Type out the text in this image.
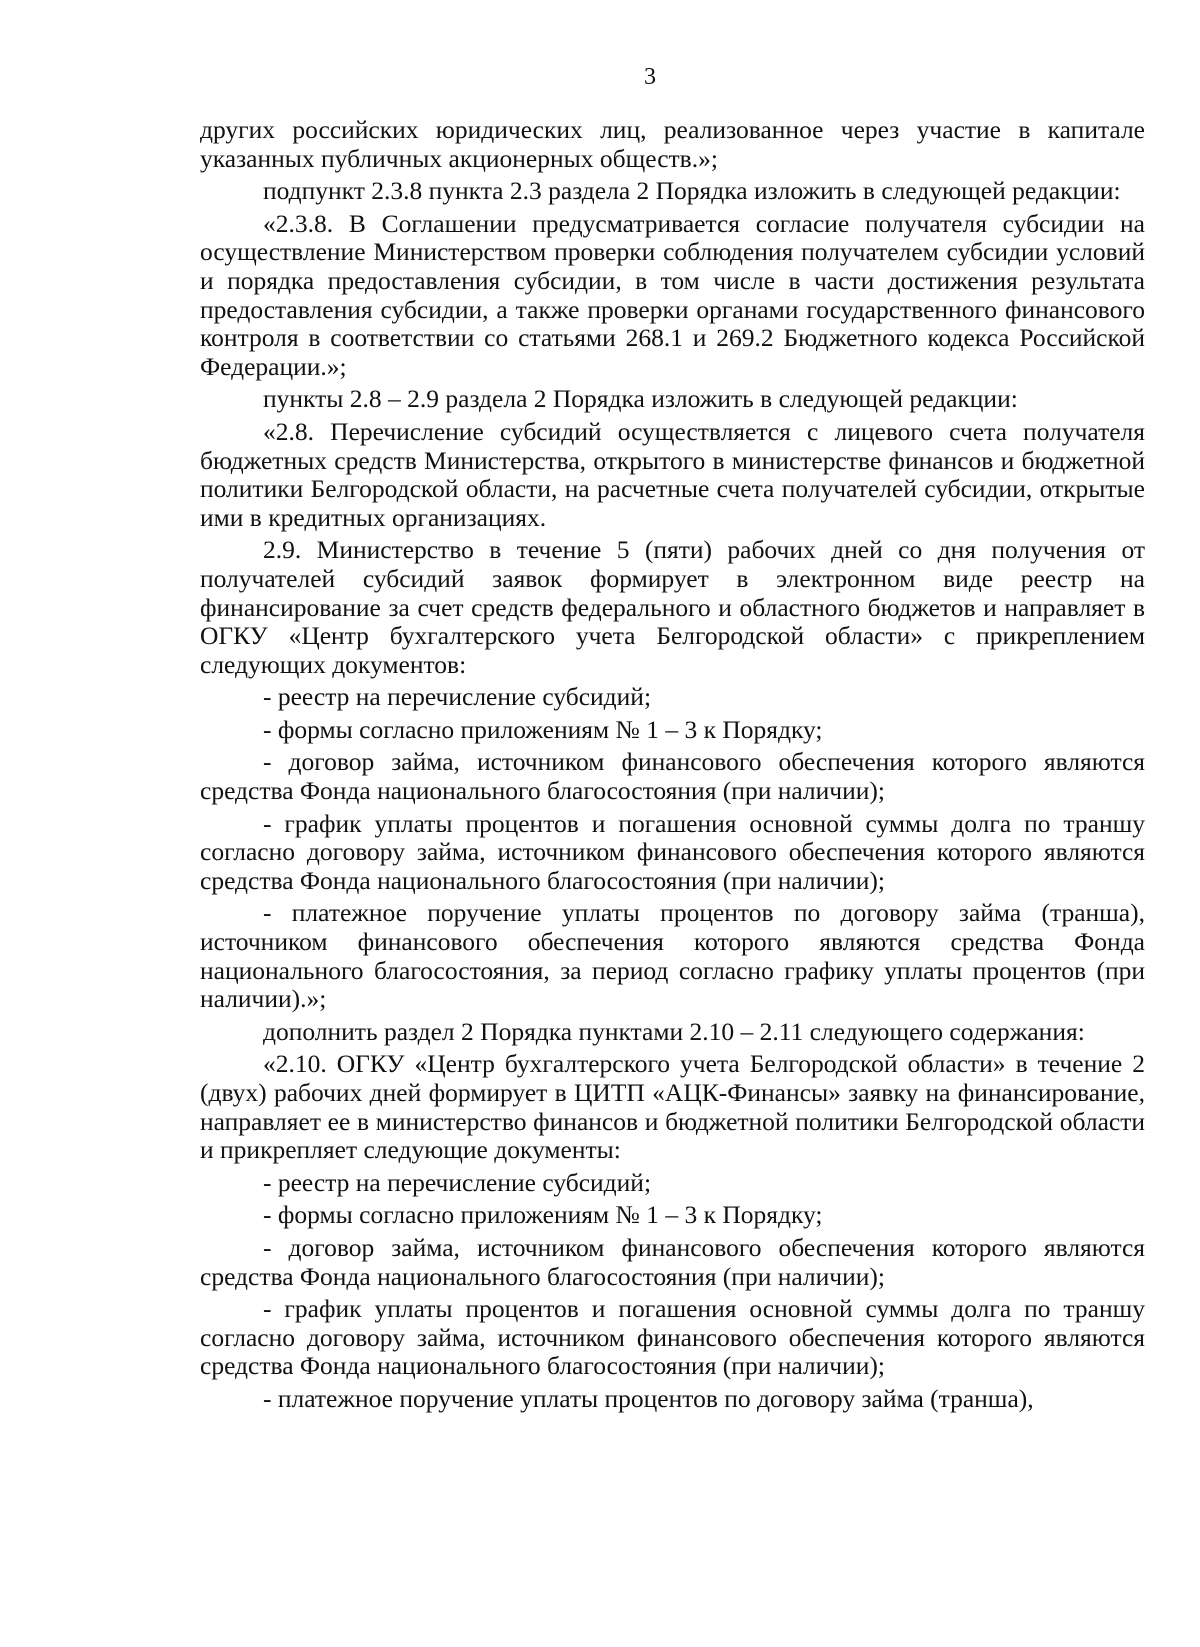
3

других российских юридических лиц, реализованное через участие в капитале указанных публичных акционерных обществ.»;

подпункт 2.3.8 пункта 2.3 раздела 2 Порядка изложить в следующей редакции:

«2.3.8. В Соглашении предусматривается согласие получателя субсидии на осуществление Министерством проверки соблюдения получателем субсидии условий и порядка предоставления субсидии, в том числе в части достижения результата предоставления субсидии, а также проверки органами государственного финансового контроля в соответствии со статьями 268.1 и 269.2 Бюджетного кодекса Российской Федерации.»;

пункты 2.8 – 2.9 раздела 2 Порядка изложить в следующей редакции:

«2.8. Перечисление субсидий осуществляется с лицевого счета получателя бюджетных средств Министерства, открытого в министерстве финансов и бюджетной политики Белгородской области, на расчетные счета получателей субсидии, открытые ими в кредитных организациях.

2.9. Министерство в течение 5 (пяти) рабочих дней со дня получения от получателей субсидий заявок формирует в электронном виде реестр на финансирование за счет средств федерального и областного бюджетов и направляет в ОГКУ «Центр бухгалтерского учета Белгородской области» с прикреплением следующих документов:

- реестр на перечисление субсидий;

- формы согласно приложениям № 1 – 3 к Порядку;

- договор займа, источником финансового обеспечения которого являются средства Фонда национального благосостояния (при наличии);

- график уплаты процентов и погашения основной суммы долга по траншу согласно договору займа, источником финансового обеспечения которого являются средства Фонда национального благосостояния (при наличии);

- платежное поручение уплаты процентов по договору займа (транша), источником финансового обеспечения которого являются средства Фонда национального благосостояния, за период согласно графику уплаты процентов (при наличии).»;

дополнить раздел 2 Порядка пунктами 2.10 – 2.11 следующего содержания:

«2.10. ОГКУ «Центр бухгалтерского учета Белгородской области» в течение 2 (двух) рабочих дней формирует в ЦИТП «АЦК-Финансы» заявку на финансирование, направляет ее в министерство финансов и бюджетной политики Белгородской области и прикрепляет следующие документы:

- реестр на перечисление субсидий;

- формы согласно приложениям № 1 – 3 к Порядку;

- договор займа, источником финансового обеспечения которого являются средства Фонда национального благосостояния (при наличии);

- график уплаты процентов и погашения основной суммы долга по траншу согласно договору займа, источником финансового обеспечения которого являются средства Фонда национального благосостояния (при наличии);

- платежное поручение уплаты процентов по договору займа (транша),
